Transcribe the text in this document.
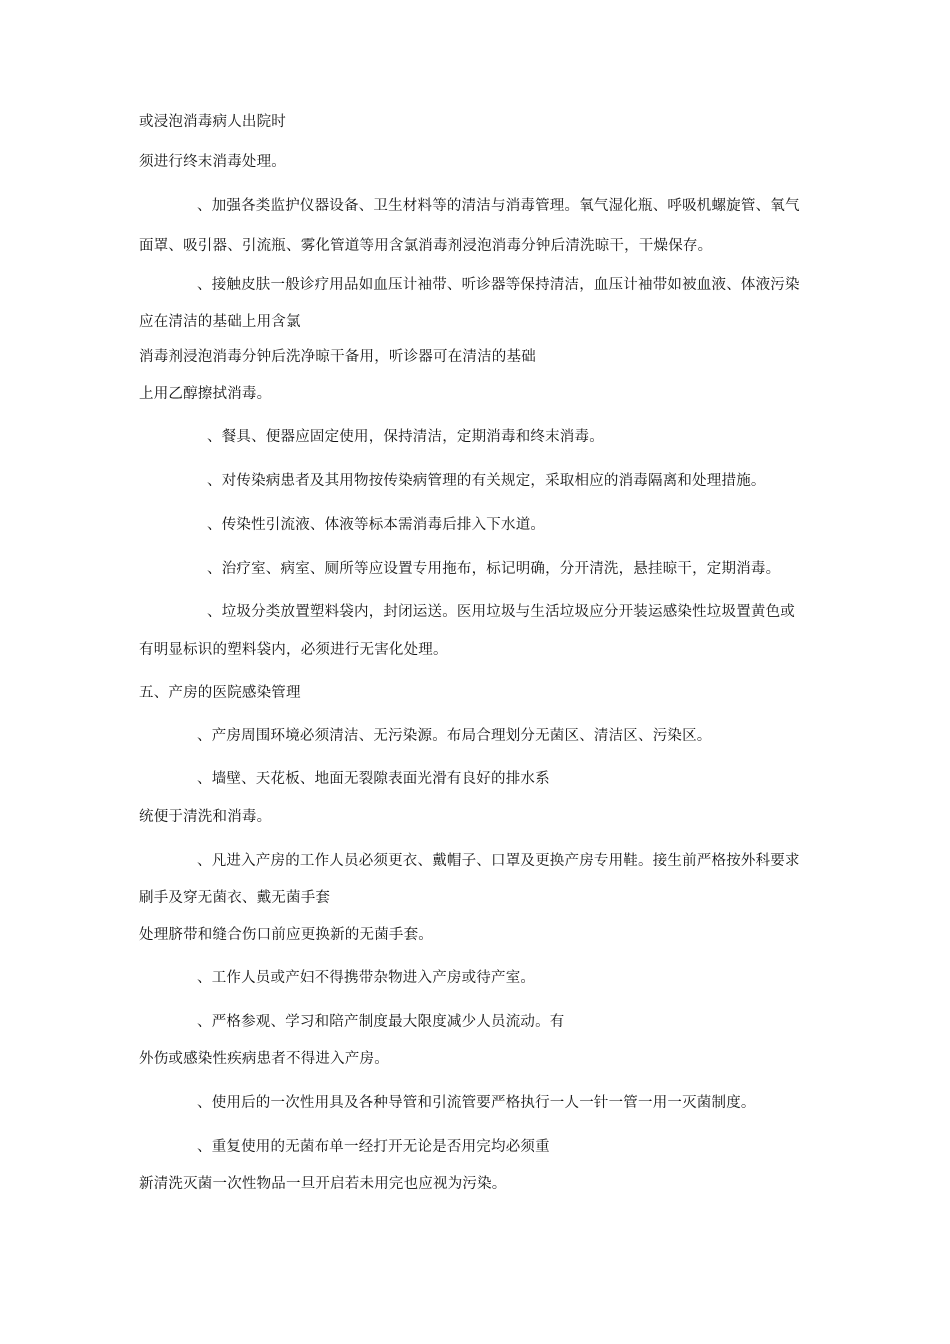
或浸泡消毒病人出院时
须进行终末消毒处理。
、加强各类监护仪器设备、卫生材料等的清洁与消毒管理。氧气湿化瓶、呼吸机螺旋管、氧气
面罩、吸引器、引流瓶、雾化管道等用含氯消毒剂浸泡消毒分钟后清洗晾干，干燥保存。
、接触皮肤一般诊疗用品如血压计袖带、听诊器等保持清洁，血压计袖带如被血液、体液污染
应在清洁的基础上用含氯
消毒剂浸泡消毒分钟后洗净晾干备用，听诊器可在清洁的基础
上用乙醇擦拭消毒。
、餐具、便器应固定使用，保持清洁，定期消毒和终末消毒。
、对传染病患者及其用物按传染病管理的有关规定，采取相应的消毒隔离和处理措施。
、传染性引流液、体液等标本需消毒后排入下水道。
、治疗室、病室、厕所等应设置专用拖布，标记明确，分开清洗，悬挂晾干，定期消毒。
、垃圾分类放置塑料袋内，封闭运送。医用垃圾与生活垃圾应分开装运感染性垃圾置黄色或
有明显标识的塑料袋内，必须进行无害化处理。
五、产房的医院感染管理
、产房周围环境必须清洁、无污染源。布局合理划分无菌区、清洁区、污染区。
、墙壁、天花板、地面无裂隙表面光滑有良好的排水系
统便于清洗和消毒。
、凡进入产房的工作人员必须更衣、戴帽子、口罩及更换产房专用鞋。接生前严格按外科要求
刷手及穿无菌衣、戴无菌手套
处理脐带和缝合伤口前应更换新的无菌手套。
、工作人员或产妇不得携带杂物进入产房或待产室。
、严格参观、学习和陪产制度最大限度减少人员流动。有
外伤或感染性疾病患者不得进入产房。
、使用后的一次性用具及各种导管和引流管要严格执行一人一针一管一用一灭菌制度。
、重复使用的无菌布单一经打开无论是否用完均必须重
新清洗灭菌一次性物品一旦开启若未用完也应视为污染。
